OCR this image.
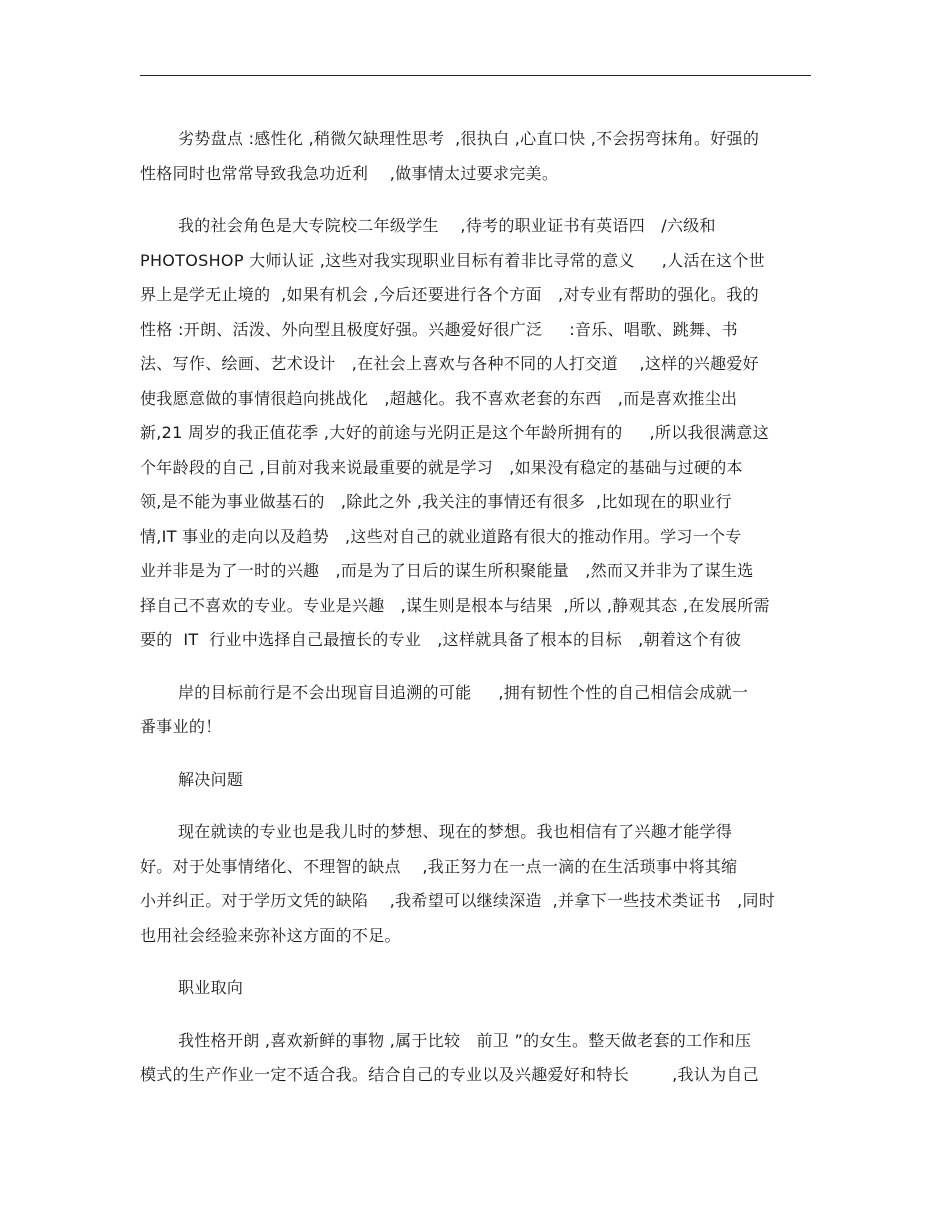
劣势盘点 :感性化 ,稍微欠缺理性思考  ,很执白 ,心直口快 ,不会拐弯抹角。好强的
性格同时也常常导致我急功近利    ,做事情太过要求完美。
我的社会角色是大专院校二年级学生    ,待考的职业证书有英语四   /六级和
PHOTOSHOP 大师认证 ,这些对我实现职业目标有着非比寻常的意义     ,人活在这个世
界上是学无止境的  ,如果有机会 ,今后还要进行各个方面   ,对专业有帮助的强化。我的
性格 :开朗、活泼、外向型且极度好强。兴趣爱好很广泛     :音乐、唱歌、跳舞、书
法、写作、绘画、艺术设计   ,在社会上喜欢与各种不同的人打交道    ,这样的兴趣爱好
使我愿意做的事情很趋向挑战化   ,超越化。我不喜欢老套的东西   ,而是喜欢推尘出
新,21 周岁的我正值花季 ,大好的前途与光阴正是这个年龄所拥有的     ,所以我很满意这
个年龄段的自己 ,目前对我来说最重要的就是学习   ,如果没有稳定的基础与过硬的本
领,是不能为事业做基石的   ,除此之外 ,我关注的事情还有很多  ,比如现在的职业行
情,IT 事业的走向以及趋势   ,这些对自己的就业道路有很大的推动作用。学习一个专
业并非是为了一时的兴趣   ,而是为了日后的谋生所积聚能量   ,然而又并非为了谋生选
择自己不喜欢的专业。专业是兴趣   ,谋生则是根本与结果  ,所以 ,静观其态 ,在发展所需
要的  IT  行业中选择自己最擅长的专业   ,这样就具备了根本的目标   ,朝着这个有彼
岸的目标前行是不会出现盲目追溯的可能     ,拥有韧性个性的自己相信会成就一
番事业的！
解决问题
现在就读的专业也是我儿时的梦想、现在的梦想。我也相信有了兴趣才能学得
好。对于处事情绪化、不理智的缺点    ,我正努力在一点一滴的在生活琐事中将其缩
小并纠正。对于学历文凭的缺陷    ,我希望可以继续深造  ,并拿下一些技术类证书   ,同时
也用社会经验来弥补这方面的不足。
职业取向
我性格开朗 ,喜欢新鲜的事物 ,属于比较   前卫 ”的女生。整天做老套的工作和压
模式的生产作业一定不适合我。结合自己的专业以及兴趣爱好和特长        ,我认为自己
